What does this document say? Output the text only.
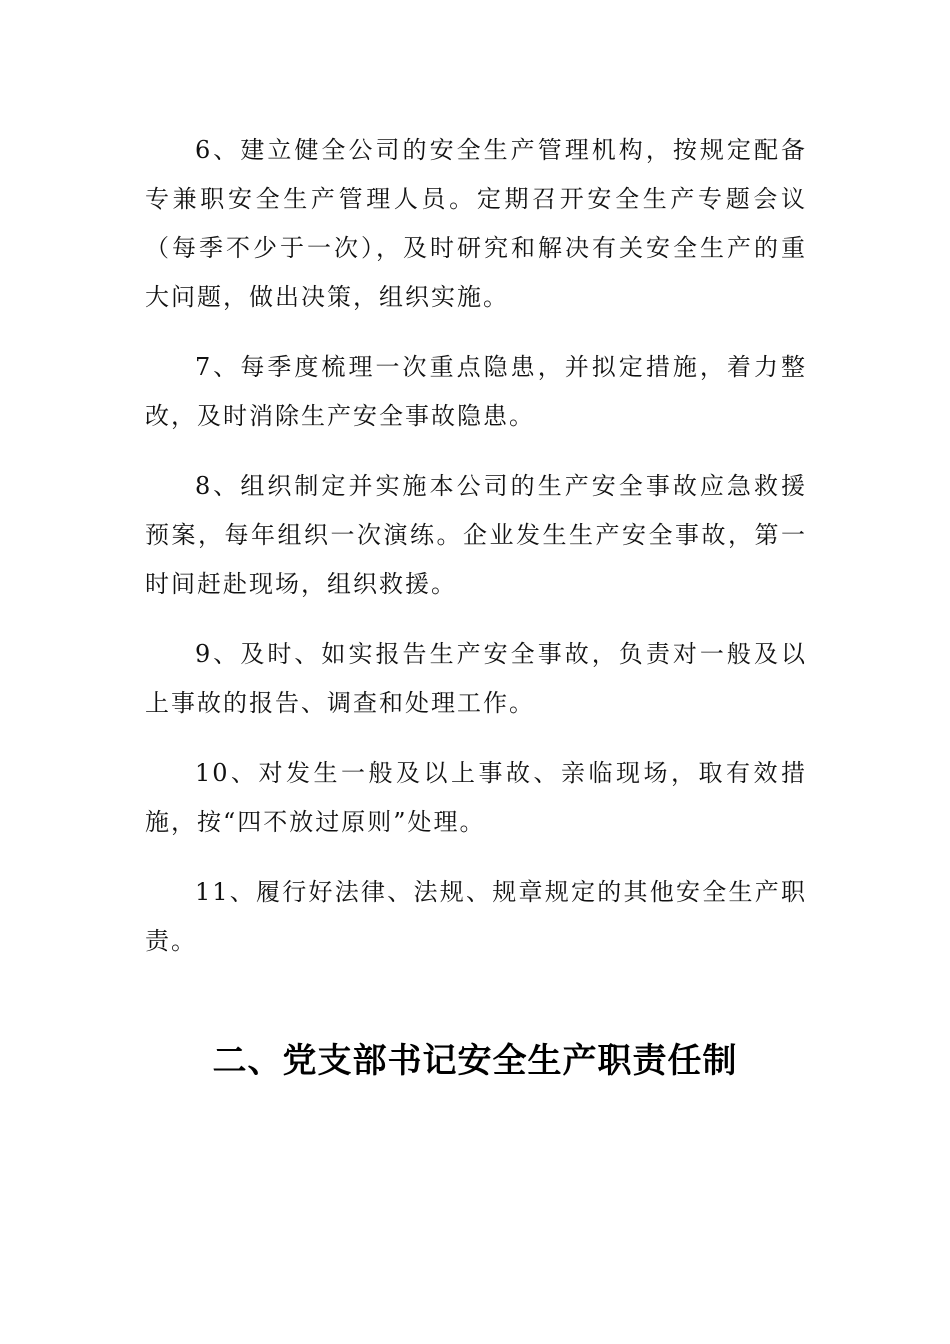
6、建立健全公司的安全生产管理机构，按规定配备专兼职安全生产管理人员。定期召开安全生产专题会议（每季不少于一次），及时研究和解决有关安全生产的重大问题，做出决策，组织实施。

7、每季度梳理一次重点隐患，并拟定措施，着力整改，及时消除生产安全事故隐患。

8、组织制定并实施本公司的生产安全事故应急救援预案，每年组织一次演练。企业发生生产安全事故，第一时间赶赴现场，组织救援。

9、及时、如实报告生产安全事故，负责对一般及以上事故的报告、调查和处理工作。

10、对发生一般及以上事故、亲临现场，取有效措施，按“四不放过原则”处理。

11、履行好法律、法规、规章规定的其他安全生产职责。

二、党支部书记安全生产职责任制
